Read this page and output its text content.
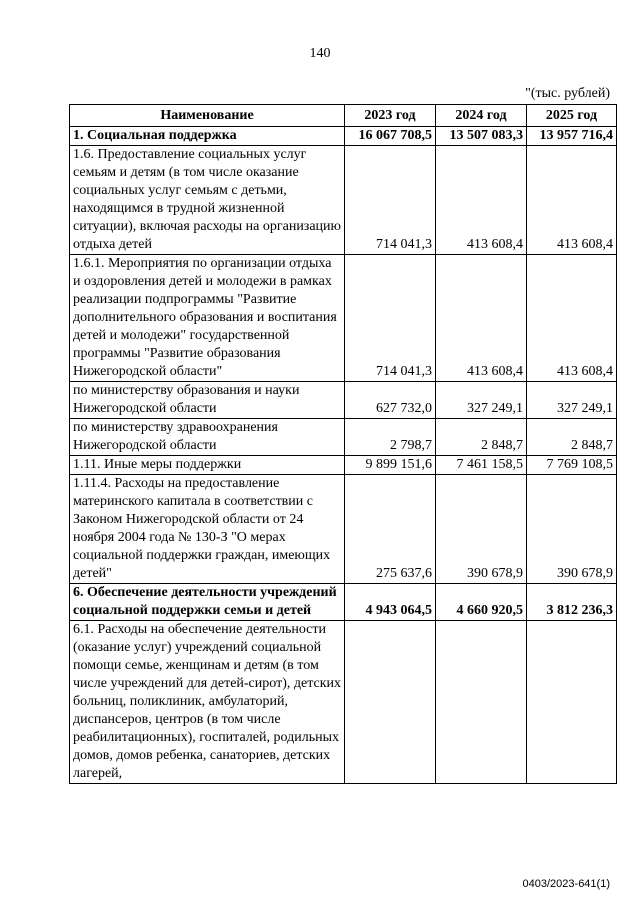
140
"(тыс. рублей)
Наименование	2023 год	2024 год	2025 год
1. Социальная поддержка	16 067 708,5	13 507 083,3	13 957 716,4
1.6. Предоставление социальных услуг семьям и детям (в том числе оказание социальных услуг семьям с детьми, находящимся в трудной жизненной ситуации), включая расходы на организацию отдыха детей	714 041,3	413 608,4	413 608,4
1.6.1. Мероприятия по организации отдыха и оздоровления детей и молодежи в рамках реализации подпрограммы "Развитие дополнительного образования и воспитания детей и молодежи" государственной программы "Развитие образования Нижегородской области"	714 041,3	413 608,4	413 608,4
по министерству образования и науки Нижегородской области	627 732,0	327 249,1	327 249,1
по министерству здравоохранения Нижегородской области	2 798,7	2 848,7	2 848,7
1.11. Иные меры поддержки	9 899 151,6	7 461 158,5	7 769 108,5
1.11.4. Расходы на предоставление материнского капитала в соответствии с Законом Нижегородской области от 24 ноября 2004 года № 130-З "О мерах социальной поддержки граждан, имеющих детей"	275 637,6	390 678,9	390 678,9
6. Обеспечение деятельности учреждений социальной поддержки семьи и детей	4 943 064,5	4 660 920,5	3 812 236,3
6.1. Расходы на обеспечение деятельности (оказание услуг) учреждений социальной помощи семье, женщинам и детям (в том числе учреждений для детей-сирот), детских больниц, поликлиник, амбулаторий, диспансеров, центров (в том числе реабилитационных), госпиталей, родильных домов, домов ребенка, санаториев, детских лагерей,			
0403/2023-641(1)
